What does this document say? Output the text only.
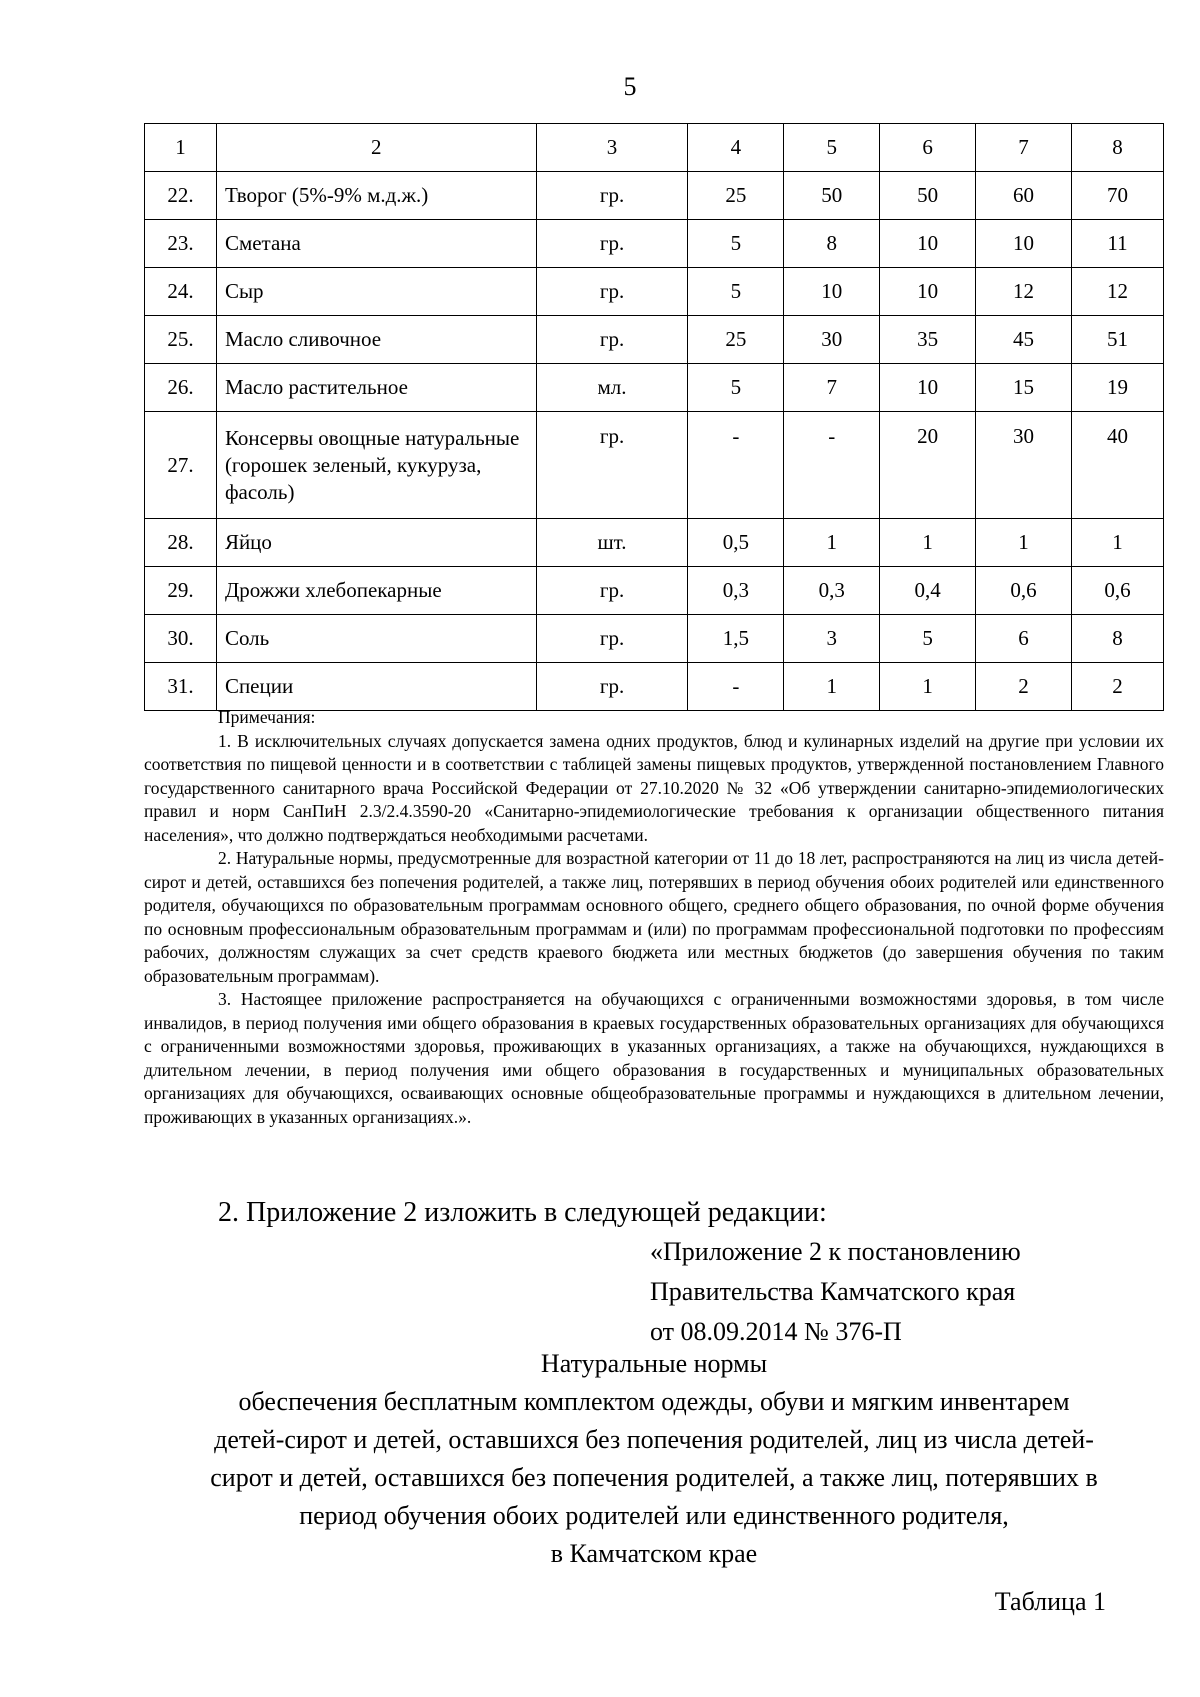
5
1	2	3	4	5	6	7	8
22.	Творог (5%-9% м.д.ж.)	гр.	25	50	50	60	70
23.	Сметана	гр.	5	8	10	10	11
24.	Сыр	гр.	5	10	10	12	12
25.	Масло сливочное	гр.	25	30	35	45	51
26.	Масло растительное	мл.	5	7	10	15	19
27.	Консервы овощные натуральные (горошек зеленый, кукуруза, фасоль)	гр.	-	-	20	30	40
28.	Яйцо	шт.	0,5	1	1	1	1
29.	Дрожжи хлебопекарные	гр.	0,3	0,3	0,4	0,6	0,6
30.	Соль	гр.	1,5	3	5	6	8
31.	Специи	гр.	-	1	1	2	2

Примечания:

1. В исключительных случаях допускается замена одних продуктов, блюд и кулинарных изделий на другие при условии их соответствия по пищевой ценности и в соответствии с таблицей замены пищевых продуктов, утвержденной постановлением Главного государственного санитарного врача Российской Федерации от 27.10.2020 № 32 «Об утверждении санитарно-эпидемиологических правил и норм СанПиН 2.3/2.4.3590-20 «Санитарно-эпидемиологические требования к организации общественного питания населения», что должно подтверждаться необходимыми расчетами.

2. Натуральные нормы, предусмотренные для возрастной категории от 11 до 18 лет, распространяются на лиц из числа детей-сирот и детей, оставшихся без попечения родителей, а также лиц, потерявших в период обучения обоих родителей или единственного родителя, обучающихся по образовательным программам основного общего, среднего общего образования, по очной форме обучения по основным профессиональным образовательным программам и (или) по программам профессиональной подготовки по профессиям рабочих, должностям служащих за счет средств краевого бюджета или местных бюджетов (до завершения обучения по таким образовательным программам).

3. Настоящее приложение распространяется на обучающихся с ограниченными возможностями здоровья, в том числе инвалидов, в период получения ими общего образования в краевых государственных образовательных организациях для обучающихся с ограниченными возможностями здоровья, проживающих в указанных организациях, а также на обучающихся, нуждающихся в длительном лечении, в период получения ими общего образования в государственных и муниципальных образовательных организациях для обучающихся, осваивающих основные общеобразовательные программы и нуждающихся в длительном лечении, проживающих в указанных организациях.».

2. Приложение 2 изложить в следующей редакции:
«Приложение 2 к постановлению
Правительства Камчатского края
от 08.09.2014 № 376-П
Натуральные нормы
обеспечения бесплатным комплектом одежды, обуви и мягким инвентарем
детей-сирот и детей, оставшихся без попечения родителей, лиц из числа детей-
сирот и детей, оставшихся без попечения родителей, а также лиц, потерявших в
период обучения обоих родителей или единственного родителя,
в Камчатском крае
Таблица 1
